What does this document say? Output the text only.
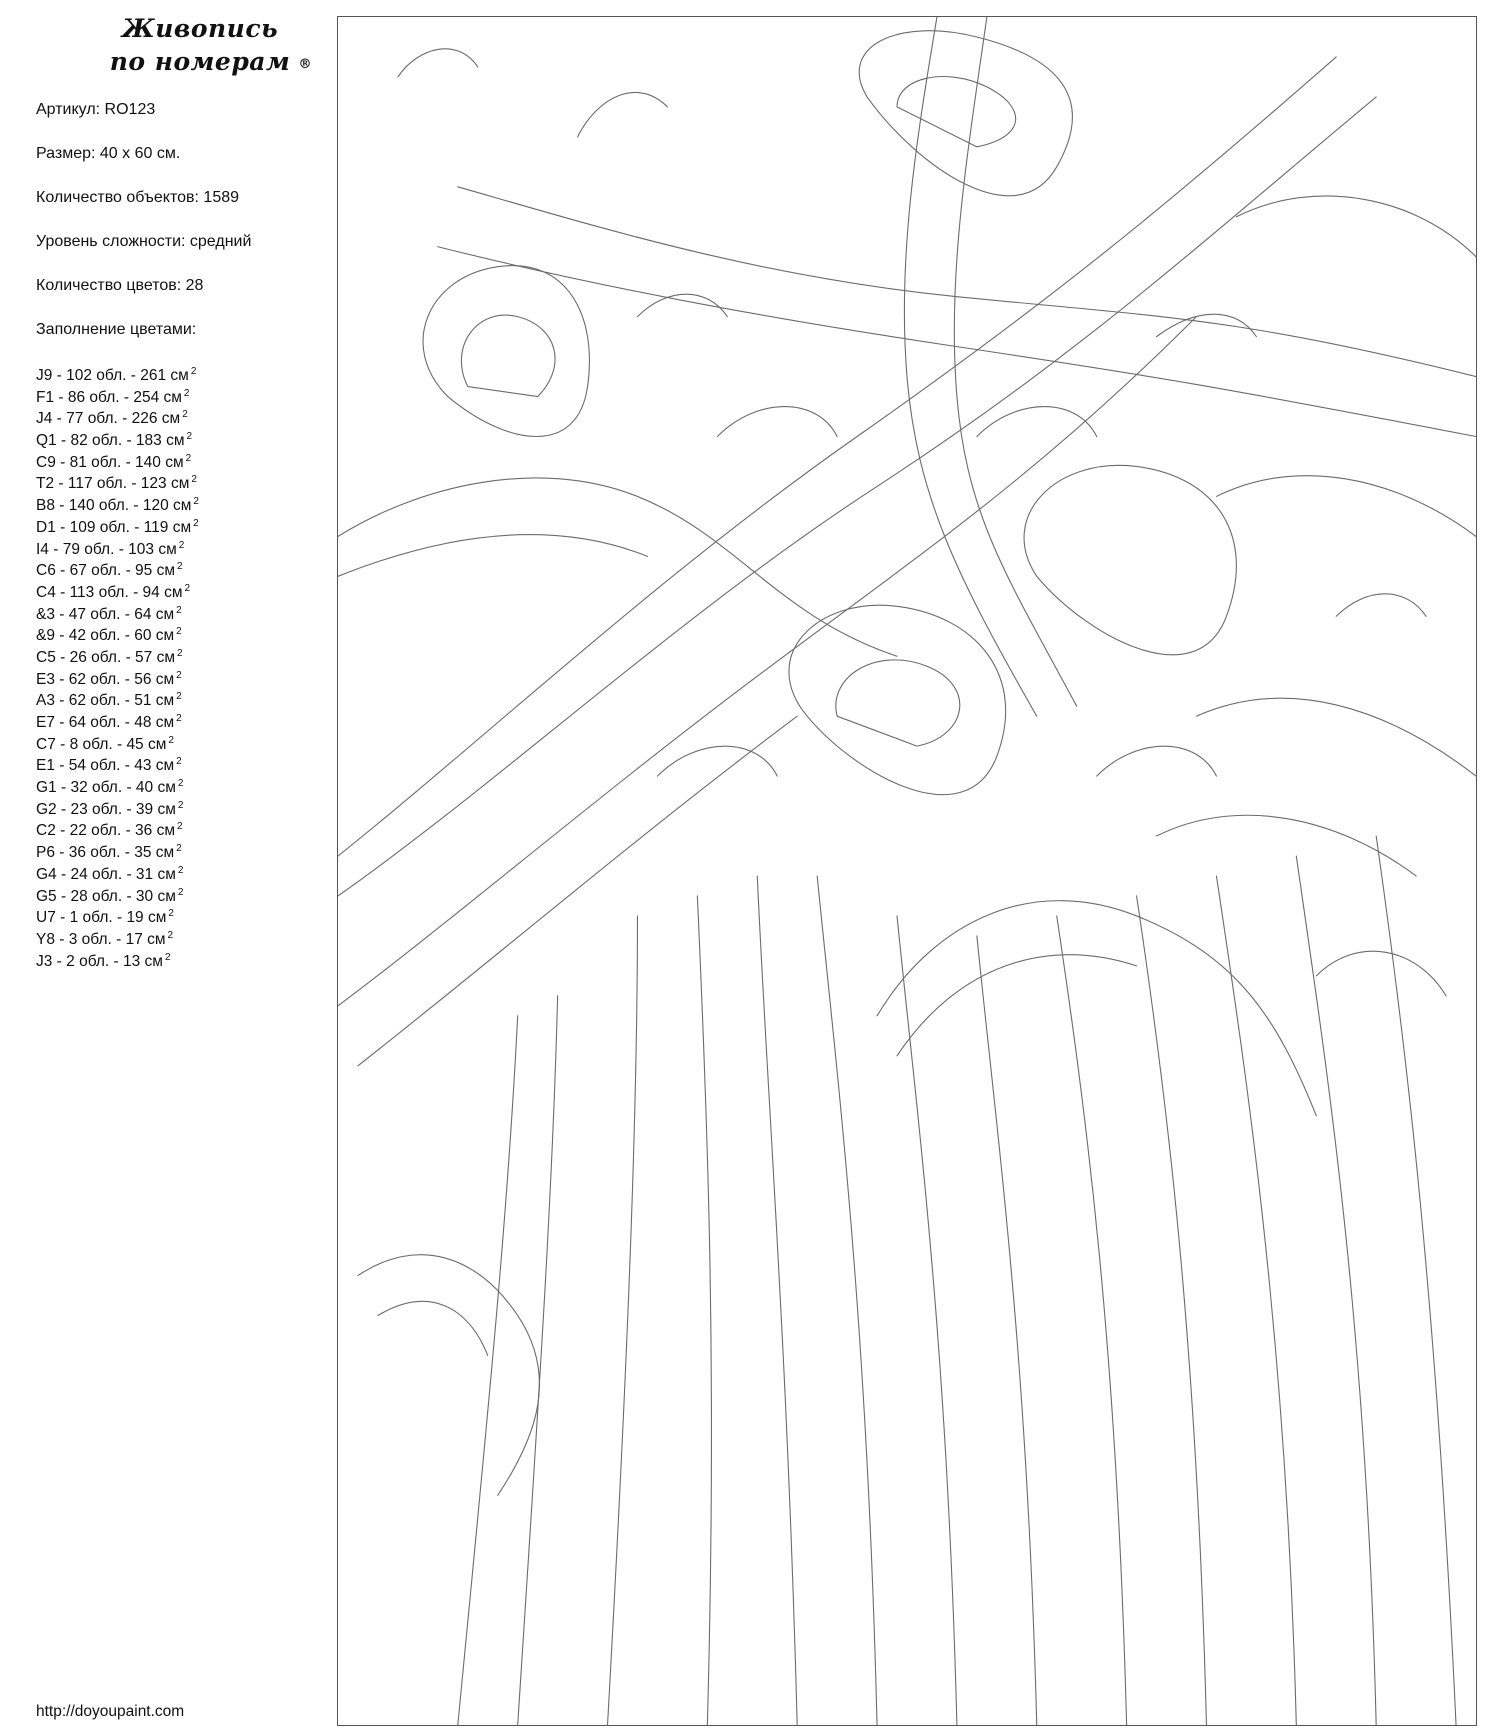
Живопись
по номерам ®
Артикул: RO123
Размер: 40 х 60 см.
Количество объектов: 1589
Уровень сложности: средний
Количество цветов: 28
Заполнение цветами:
J9 - 102 обл. - 261 см $^2$
F1 - 86 обл. - 254 см $^2$
J4 - 77 обл. - 226 см $^2$
Q1 - 82 обл. - 183 см $^2$
C9 - 81 обл. - 140 см $^2$
T2 - 117 обл. - 123 см $^2$
B8 - 140 обл. - 120 см $^2$
D1 - 109 обл. - 119 см $^2$
I4 - 79 обл. - 103 см $^2$
C6 - 67 обл. - 95 см $^2$
C4 - 113 обл. - 94 см $^2$
&3 - 47 обл. - 64 см $^2$
&9 - 42 обл. - 60 см $^2$
C5 - 26 обл. - 57 см $^2$
E3 - 62 обл. - 56 см $^2$
A3 - 62 обл. - 51 см $^2$
E7 - 64 обл. - 48 см $^2$
C7 - 8 обл. - 45 см $^2$
E1 - 54 обл. - 43 см $^2$
G1 - 32 обл. - 40 см $^2$
G2 - 23 обл. - 39 см $^2$
C2 - 22 обл. - 36 см $^2$
P6 - 36 обл. - 35 см $^2$
G4 - 24 обл. - 31 см $^2$
G5 - 28 обл. - 30 см $^2$
U7 - 1 обл. - 19 см $^2$
Y8 - 3 обл. - 17 см $^2$
J3 - 2 обл. - 13 см $^2$
http://doyoupaint.com
